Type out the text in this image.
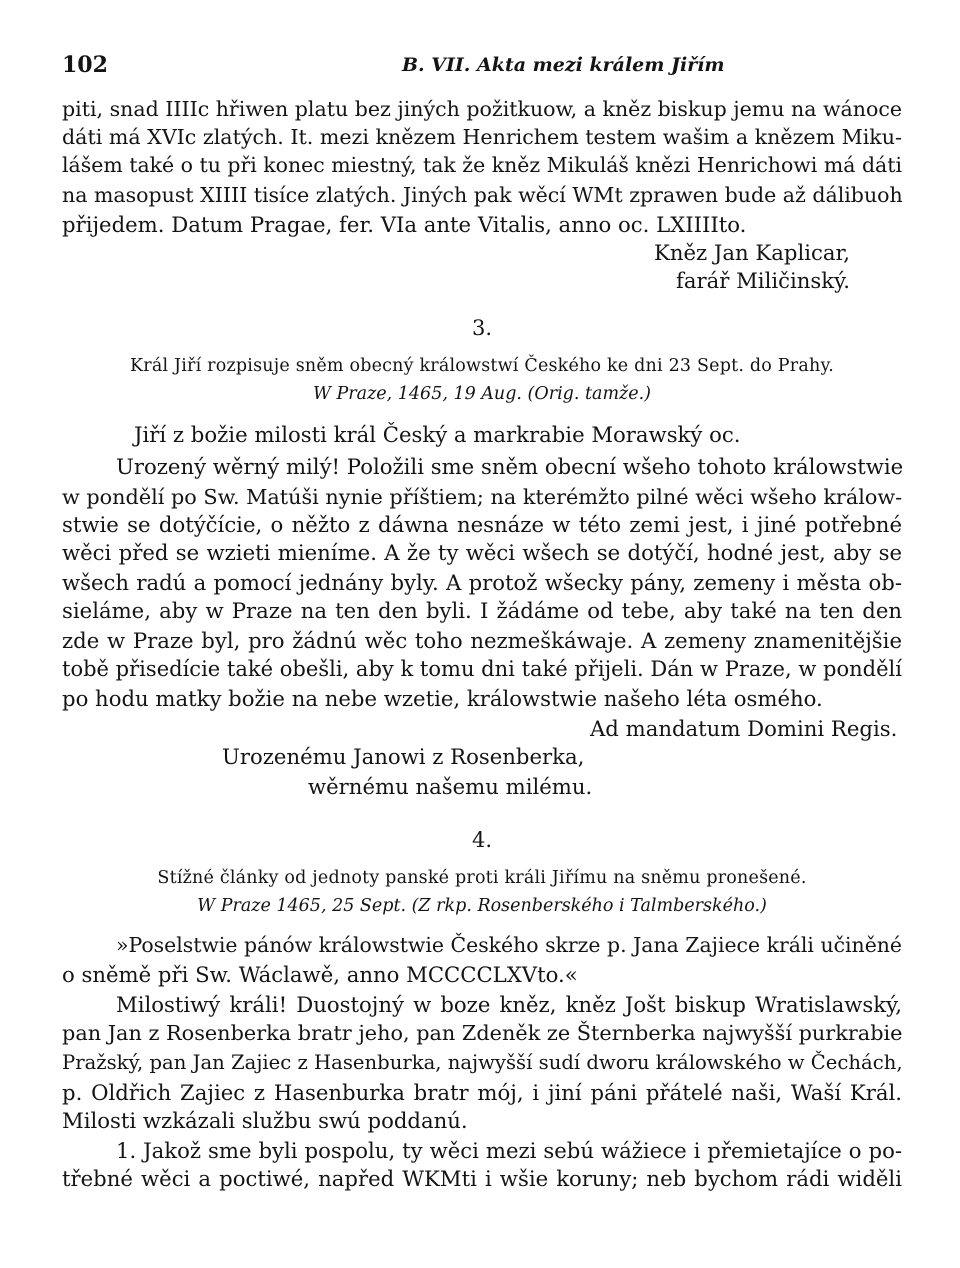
102	B. VII. Akta mezi králem Jiřím
piti, snad IIIIc hřiwen platu bez jiných požitkuow, a kněz biskup jemu na wánoce
dáti má XVIc zlatých. It. mezi knězem Henrichem testem wašim a knězem Miku-
lášem také o tu při konec miestný, tak že kněz Mikuláš knězi Henrichowi má dáti
na masopust XIIII tisíce zlatých. Jiných pak wěcí WMt zprawen bude až dálibuoh
přijedem. Datum Pragae, fer. VIa ante Vitalis, anno oc. LXIIIIto.
Kněz Jan Kaplicar,
farář Miličinský.
3.
Král Jiří rozpisuje sněm obecný králowstwí Českého ke dni 23 Sept. do Prahy.
W Praze, 1465, 19 Aug. (Orig. tamže.)
Jiří z božie milosti král Český a markrabie Morawský oc.
Urozený wěrný milý! Položili sme sněm obecní wšeho tohoto králowstwie
w pondělí po Sw. Matúši nynie příštiem; na kterémžto pilné wěci wšeho králow-
stwie se dotýčície, o něžto z dáwna nesnáze w této zemi jest, i jiné potřebné
wěci před se wzieti mieníme. A že ty wěci wšech se dotýčí, hodné jest, aby se
wšech radú a pomocí jednány byly. A protož wšecky pány, zemeny i města ob-
sieláme, aby w Praze na ten den byli. I žádáme od tebe, aby také na ten den
zde w Praze byl, pro žádnú wěc toho nezmeškáwaje. A zemeny znamenitějšie
tobě přisedície také obešli, aby k tomu dni také přijeli. Dán w Praze, w pondělí
po hodu matky božie na nebe wzetie, králowstwie našeho léta osmého.
Ad mandatum Domini Regis.
Urozenému Janowi z Rosenberka,
wěrnému našemu milému.
4.
Stížné články od jednoty panské proti králi Jiřímu na sněmu pronešené.
W Praze 1465, 25 Sept. (Z rkp. Rosenberského i Talmberského.)
»Poselstwie pánów králowstwie Českého skrze p. Jana Zajiece králi učiněné
o sněmě při Sw. Wáclawě, anno MCCCCLXVto.«
Milostiwý králi! Duostojný w boze kněz, kněz Jošt biskup Wratislawský,
pan Jan z Rosenberka bratr jeho, pan Zdeněk ze Šternberka najwyšší purkrabie
Pražský, pan Jan Zajiec z Hasenburka, najwyšší sudí dworu králowského w Čechách,
p. Oldřich Zajiec z Hasenburka bratr mój, i jiní páni přátelé naši, Waší Král.
Milosti wzkázali službu swú poddanú.
1. Jakož sme byli pospolu, ty wěci mezi sebú wážiece i přemietajíce o po-
třebné wěci a poctiwé, napřed WKMti i wšie koruny; neb bychom rádi widěli
